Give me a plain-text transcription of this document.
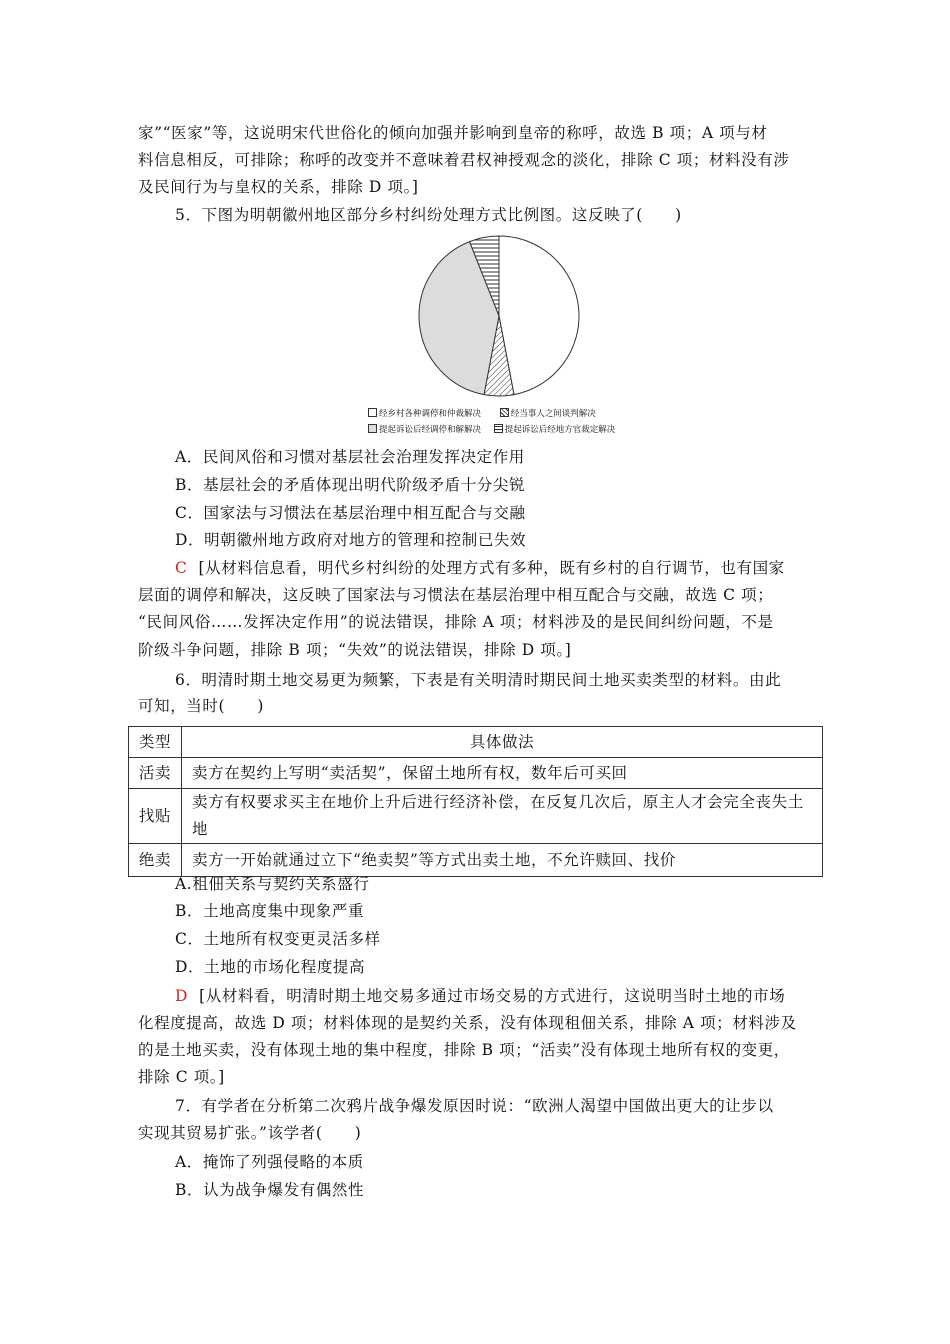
家”“医家”等，这说明宋代世俗化的倾向加强并影响到皇帝的称呼，故选 B 项；A 项与材
料信息相反，可排除；称呼的改变并不意味着君权神授观念的淡化，排除 C 项；材料没有涉
及民间行为与皇权的关系，排除 D 项。]
5．下图为明朝徽州地区部分乡村纠纷处理方式比例图。这反映了(　　)
经乡村各种调停和仲裁解决	经当事人之间谈判解决
提起诉讼后经调停和解解决	提起诉讼后经地方官裁定解决
A．民间风俗和习惯对基层社会治理发挥决定作用
B．基层社会的矛盾体现出明代阶级矛盾十分尖锐
C．国家法与习惯法在基层治理中相互配合与交融
D．明朝徽州地方政府对地方的管理和控制已失效
C [从材料信息看，明代乡村纠纷的处理方式有多种，既有乡村的自行调节，也有国家
层面的调停和解决，这反映了国家法与习惯法在基层治理中相互配合与交融，故选 C 项；
“民间风俗……发挥决定作用”的说法错误，排除 A 项；材料涉及的是民间纠纷问题，不是
阶级斗争问题，排除 B 项；“失效”的说法错误，排除 D 项。]
6．明清时期土地交易更为频繁，下表是有关明清时期民间土地买卖类型的材料。由此
可知，当时(　　)
类型	具体做法
活卖	卖方在契约上写明“卖活契”，保留土地所有权，数年后可买回
找贴	卖方有权要求买主在地价上升后进行经济补偿，在反复几次后，原主人才会完全丧失土地
绝卖	卖方一开始就通过立下“绝卖契”等方式出卖土地，不允许赎回、找价
A.租佃关系与契约关系盛行
B．土地高度集中现象严重
C．土地所有权变更灵活多样
D．土地的市场化程度提高
D [从材料看，明清时期土地交易多通过市场交易的方式进行，这说明当时土地的市场
化程度提高，故选 D 项；材料体现的是契约关系，没有体现租佃关系，排除 A 项；材料涉及
的是土地买卖，没有体现土地的集中程度，排除 B 项；“活卖”没有体现土地所有权的变更，
排除 C 项。]
7．有学者在分析第二次鸦片战争爆发原因时说：“欧洲人渴望中国做出更大的让步以
实现其贸易扩张。”该学者(　　)
A．掩饰了列强侵略的本质
B．认为战争爆发有偶然性
